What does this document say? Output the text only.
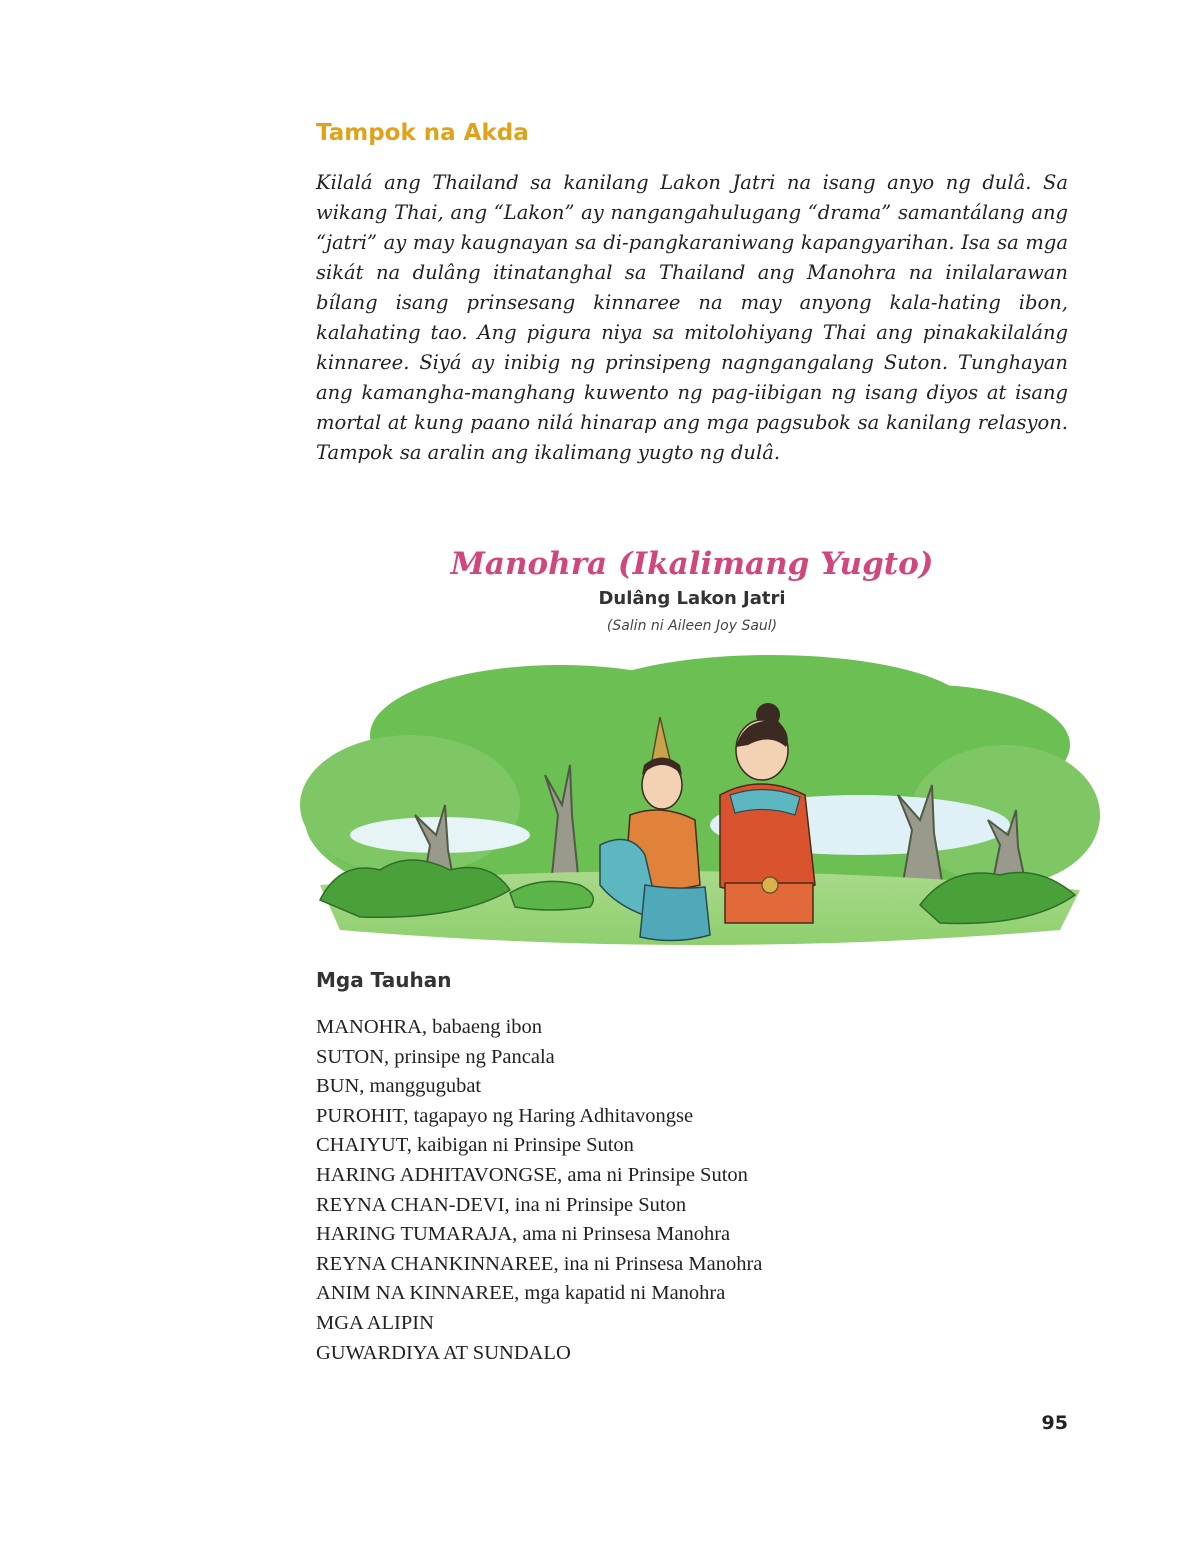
Tampok na Akda

Kilalá ang Thailand sa kanilang Lakon Jatri na isang anyo ng dulâ. Sa wikang Thai, ang “Lakon” ay nangangahulugang “drama” samantálang ang “jatri” ay may kaugnayan sa di-pangkaraniwang kapangyarihan. Isa sa mga sikát na dulâng itinatanghal sa Thailand ang Manohra na inilalarawan bílang isang prinsesang kinnaree na may anyong kala-hating ibon, kalahating tao. Ang pigura niya sa mitolohiyang Thai ang pinakakilaláng kinnaree. Siyá ay inibig ng prinsipeng nagngangalang Suton. Tunghayan ang kamangha-manghang kuwento ng pag-iibigan ng isang diyos at isang mortal at kung paano nilá hinarap ang mga pagsubok sa kanilang relasyon. Tampok sa aralin ang ikalimang yugto ng dulâ.

Manohra (Ikalimang Yugto)
Dulâng Lakon Jatri
(Salin ni Aileen Joy Saul)
Mga Tauhan
MANOHRA, babaeng ibon
SUTON, prinsipe ng Pancala
BUN, manggugubat
PUROHIT, tagapayo ng Haring Adhitavongse
CHAIYUT, kaibigan ni Prinsipe Suton
HARING ADHITAVONGSE, ama ni Prinsipe Suton
REYNA CHAN-DEVI, ina ni Prinsipe Suton
HARING TUMARAJA, ama ni Prinsesa Manohra
REYNA CHANKINNAREE, ina ni Prinsesa Manohra
ANIM NA KINNAREE, mga kapatid ni Manohra
MGA ALIPIN
GUWARDIYA AT SUNDALO
95
